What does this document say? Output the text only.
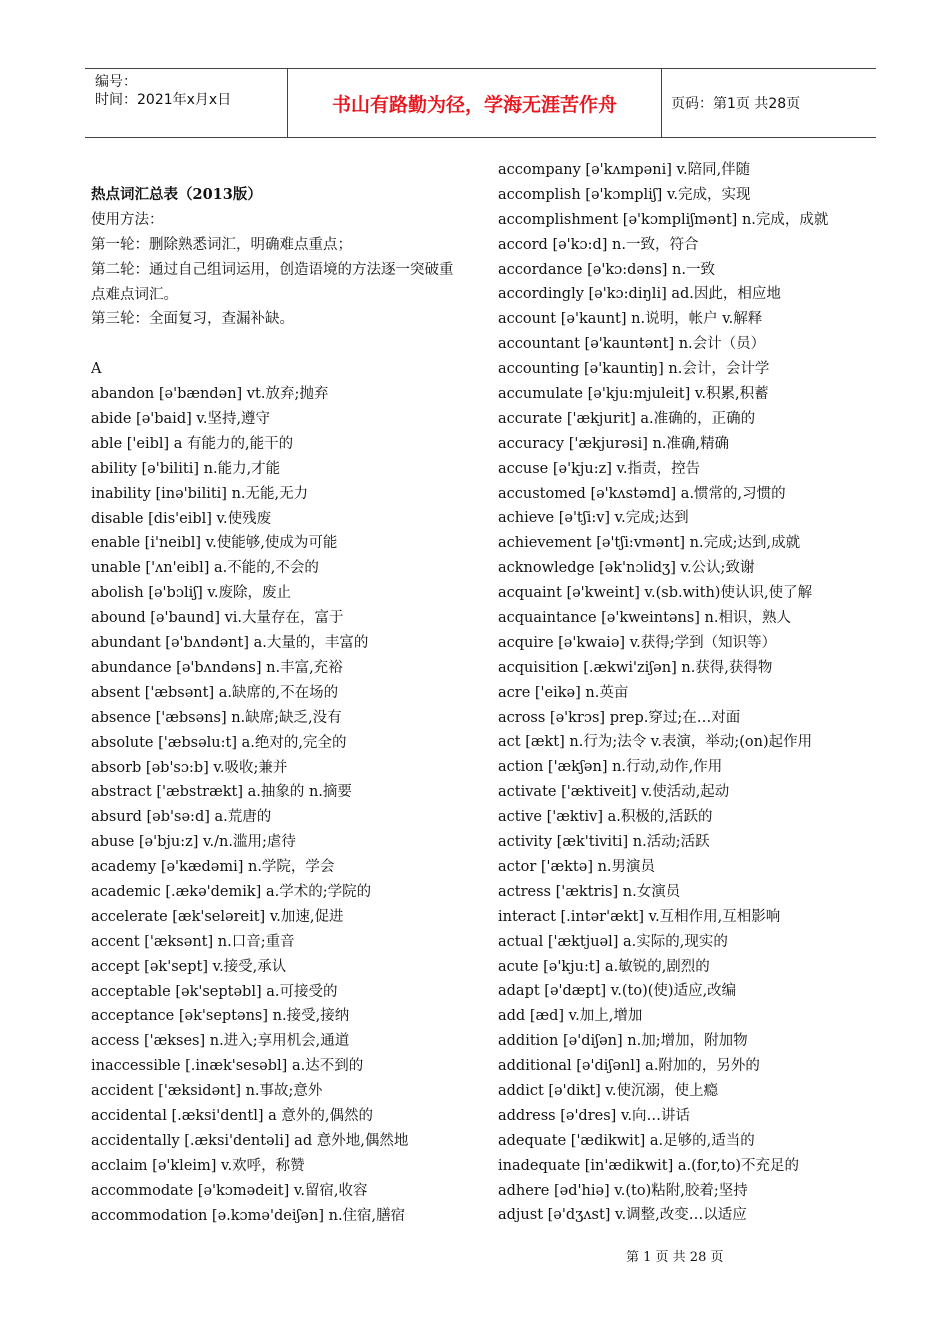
编号：
时间：2021年x月x日	书山有路勤为径，学海无涯苦作舟	页码：第1页 共28页
热点词汇总表（2013版）
使用方法：
第一轮：删除熟悉词汇，明确难点重点；
第二轮：通过自己组词运用，创造语境的方法逐一突破重点难点词汇。
第三轮：全面复习，查漏补缺。
A
abandon [ə'bændən] vt.放弃;抛弃
abide [ə'baid] v.坚持,遵守
able ['eibl] a 有能力的,能干的
ability [ə'biliti] n.能力,才能
inability [inə'biliti] n.无能,无力
disable [dis'eibl] v.使残废
enable [i'neibl] v.使能够,使成为可能
unable ['ʌn'eibl] a.不能的,不会的
abolish [ə'bɔliʃ] v.废除，废止
abound [ə'baund] vi.大量存在，富于
abundant [ə'bʌndənt] a.大量的，丰富的
abundance [ə'bʌndəns] n.丰富,充裕
absent ['æbsənt] a.缺席的,不在场的
absence ['æbsəns] n.缺席;缺乏,没有
absolute ['æbsəlu:t] a.绝对的,完全的
absorb [əb'sɔ:b] v.吸收;兼并
abstract ['æbstrækt] a.抽象的 n.摘要
absurd [əb'sə:d] a.荒唐的
abuse [ə'bju:z] v./n.滥用;虐待
academy [ə'kædəmi] n.学院，学会
academic [.ækə'demik] a.学术的;学院的
accelerate [æk'seləreit] v.加速,促进
accent ['æksənt] n.口音;重音
accept [ək'sept] v.接受,承认
acceptable [ək'septəbl] a.可接受的
acceptance [ək'septəns] n.接受,接纳
access ['ækses] n.进入;享用机会,通道
inaccessible [.inæk'sesəbl] a.达不到的
accident ['æksidənt] n.事故;意外
accidental [.æksi'dentl] a 意外的,偶然的
accidentally [.æksi'dentəli] ad 意外地,偶然地
acclaim [ə'kleim] v.欢呼，称赞
accommodate [ə'kɔmədeit] v.留宿,收容
accommodation [ə.kɔmə'deiʃən] n.住宿,膳宿
accompany [ə'kʌmpəni] v.陪同,伴随
accomplish [ə'kɔmpliʃ] v.完成，实现
accomplishment [ə'kɔmpliʃmənt] n.完成，成就
accord [ə'kɔ:d] n.一致，符合
accordance [ə'kɔ:dəns] n.一致
accordingly [ə'kɔ:diŋli] ad.因此，相应地
account [ə'kaunt] n.说明，帐户 v.解释
accountant [ə'kauntənt] n.会计（员）
accounting [ə'kauntiŋ] n.会计，会计学
accumulate [ə'kju:mjuleit] v.积累,积蓄
accurate ['ækjurit] a.准确的，正确的
accuracy ['ækjurəsi] n.准确,精确
accuse [ə'kju:z] v.指责，控告
accustomed [ə'kʌstəmd] a.惯常的,习惯的
achieve [ə'tʃi:v] v.完成;达到
achievement [ə'tʃi:vmənt] n.完成;达到,成就
acknowledge [ək'nɔlidʒ] v.公认;致谢
acquaint [ə'kweint] v.(sb.with)使认识,使了解
acquaintance [ə'kweintəns] n.相识，熟人
acquire [ə'kwaiə] v.获得;学到（知识等）
acquisition [.ækwi'ziʃən] n.获得,获得物
acre ['eikə] n.英亩
across [ə'krɔs] prep.穿过;在…对面
act [ækt] n.行为;法令 v.表演，举动;(on)起作用
action ['ækʃən] n.行动,动作,作用
activate ['æktiveit] v.使活动,起动
active ['æktiv] a.积极的,活跃的
activity [æk'tiviti] n.活动;活跃
actor ['æktə] n.男演员
actress ['æktris] n.女演员
interact [.intər'ækt] v.互相作用,互相影响
actual ['æktjuəl] a.实际的,现实的
acute [ə'kju:t] a.敏锐的,剧烈的
adapt [ə'dæpt] v.(to)(使)适应,改编
add [æd] v.加上,增加
addition [ə'diʃən] n.加;增加，附加物
additional [ə'diʃənl] a.附加的，另外的
addict [ə'dikt] v.使沉溺，使上瘾
address [ə'dres] v.向…讲话
adequate ['ædikwit] a.足够的,适当的
inadequate [in'ædikwit] a.(for,to)不充足的
adhere [əd'hiə] v.(to)粘附,胶着;坚持
adjust [ə'dʒʌst] v.调整,改变…以适应
第 1 页 共 28 页
